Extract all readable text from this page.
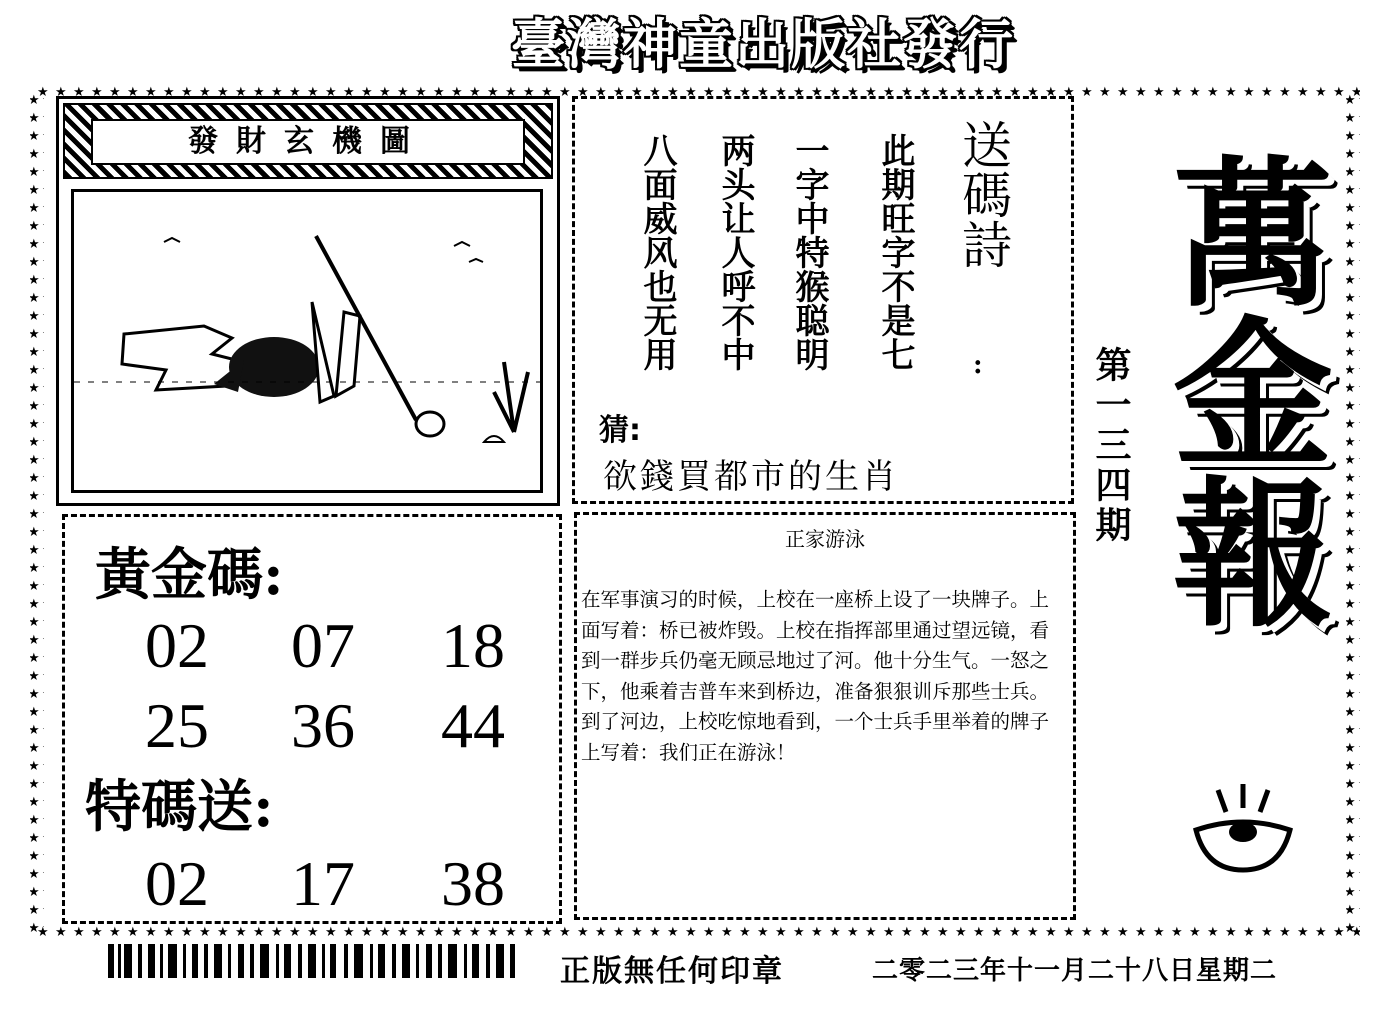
臺灣神童出版社發行
發財玄機圖	送碼詩
:
此期旺字不是七
一字中特猴聪明
两头让人呼不中
八面威风也无用
猜:
欲錢買都市的生肖
黃金碼:
02 07 18
25 36 44
特碼送:
02 17 38
正家游泳
在军事演习的时候，上校在一座桥上设了一块牌子。上面写着：桥已被炸毁。上校在指挥部里通过望远镜，看到一群步兵仍毫无顾忌地过了河。他十分生气。一怒之下，他乘着吉普车来到桥边，准备狠狠训斥那些士兵。到了河边，上校吃惊地看到，一个士兵手里举着的牌子上写着：我们正在游泳！
第一三四期 萬金報
正版無任何印章	二零二三年十一月二十八日星期二
